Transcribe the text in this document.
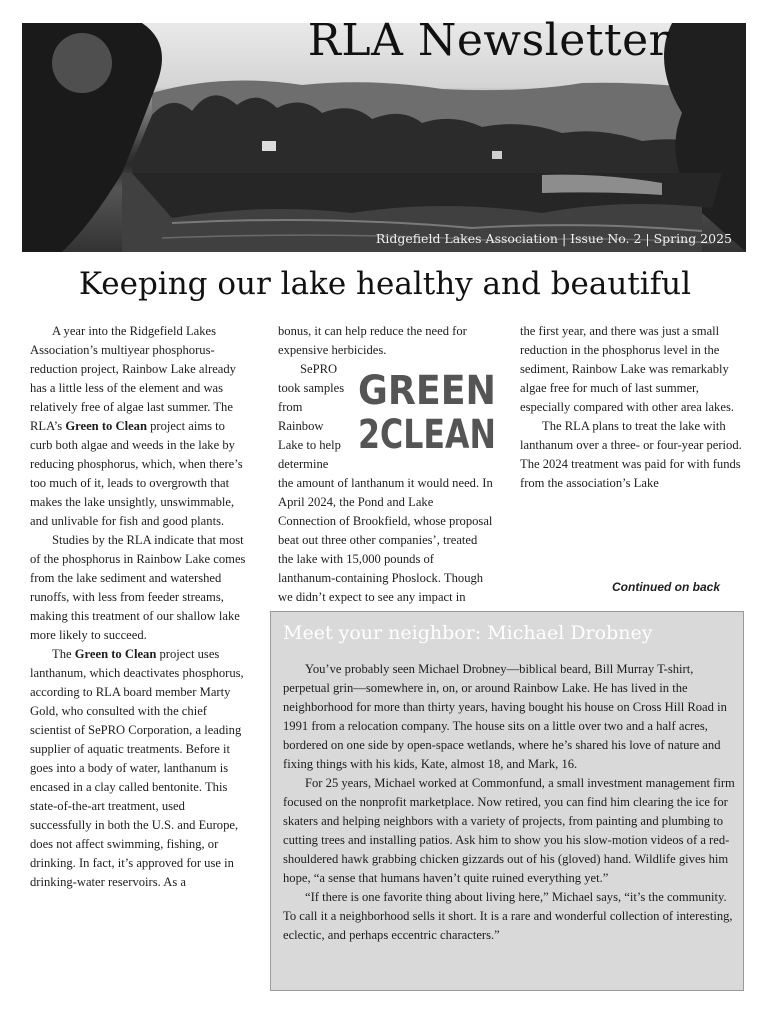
RLA Newsletter
Ridgefield Lakes Association | Issue No. 2 | Spring 2025
Keeping our lake healthy and beautiful

A year into the Ridgefield Lakes Association’s multiyear phosphorus-reduction project, Rainbow Lake already has a little less of the element and was relatively free of algae last summer. The RLA’s Green to Clean project aims to curb both algae and weeds in the lake by reducing phosphorus, which, when there’s too much of it, leads to overgrowth that makes the lake unsightly, unswimmable, and unlivable for fish and good plants.

Studies by the RLA indicate that most of the phosphorus in Rainbow Lake comes from the lake sediment and watershed runoffs, with less from feeder streams, making this treatment of our shallow lake more likely to succeed.

The Green to Clean project uses lanthanum, which deactivates phosphorus, according to RLA board member Marty Gold, who consulted with the chief scientist of SePRO Corporation, a leading supplier of aquatic treatments. Before it goes into a body of water, lanthanum is encased in a clay called bentonite. This state-of-the-art treatment, used successfully in both the U.S. and Europe, does not affect swimming, fishing, or drinking. In fact, it’s approved for use in drinking-water reservoirs. As a

bonus, it can help reduce the need for expensive herbicides.

GREEN
2CLEAN

SePRO took samples from Rainbow Lake to help determine the amount of lanthanum it would need. In April 2024, the Pond and Lake Connection of Brookfield, whose proposal beat out three other companies’, treated the lake with 15,000 pounds of lanthanum-containing Phoslock. Though we didn’t expect to see any impact in

the first year, and there was just a small reduction in the phosphorus level in the sediment, Rainbow Lake was remarkably algae free for much of last summer, especially compared with other area lakes.

The RLA plans to treat the lake with lanthanum over a three- or four-year period. The 2024 treatment was paid for with funds from the association’s Lake

Continued on back
Meet your neighbor: Michael Drobney

You’ve probably seen Michael Drobney—biblical beard, Bill Murray T-shirt, perpetual grin—somewhere in, on, or around Rainbow Lake. He has lived in the neighborhood for more than thirty years, having bought his house on Cross Hill Road in 1991 from a relocation company. The house sits on a little over two and a half acres, bordered on one side by open-space wetlands, where he’s shared his love of nature and fixing things with his kids, Kate, almost 18, and Mark, 16.

For 25 years, Michael worked at Commonfund, a small investment management firm focused on the nonprofit marketplace. Now retired, you can find him clearing the ice for skaters and helping neighbors with a variety of projects, from painting and plumbing to cutting trees and installing patios. Ask him to show you his slow-motion videos of a red-shouldered hawk grabbing chicken gizzards out of his (gloved) hand. Wildlife gives him hope, “a sense that humans haven’t quite ruined everything yet.”

“If there is one favorite thing about living here,” Michael says, “it’s the community. To call it a neighborhood sells it short. It is a rare and wonderful collection of interesting, eclectic, and perhaps eccentric characters.”
